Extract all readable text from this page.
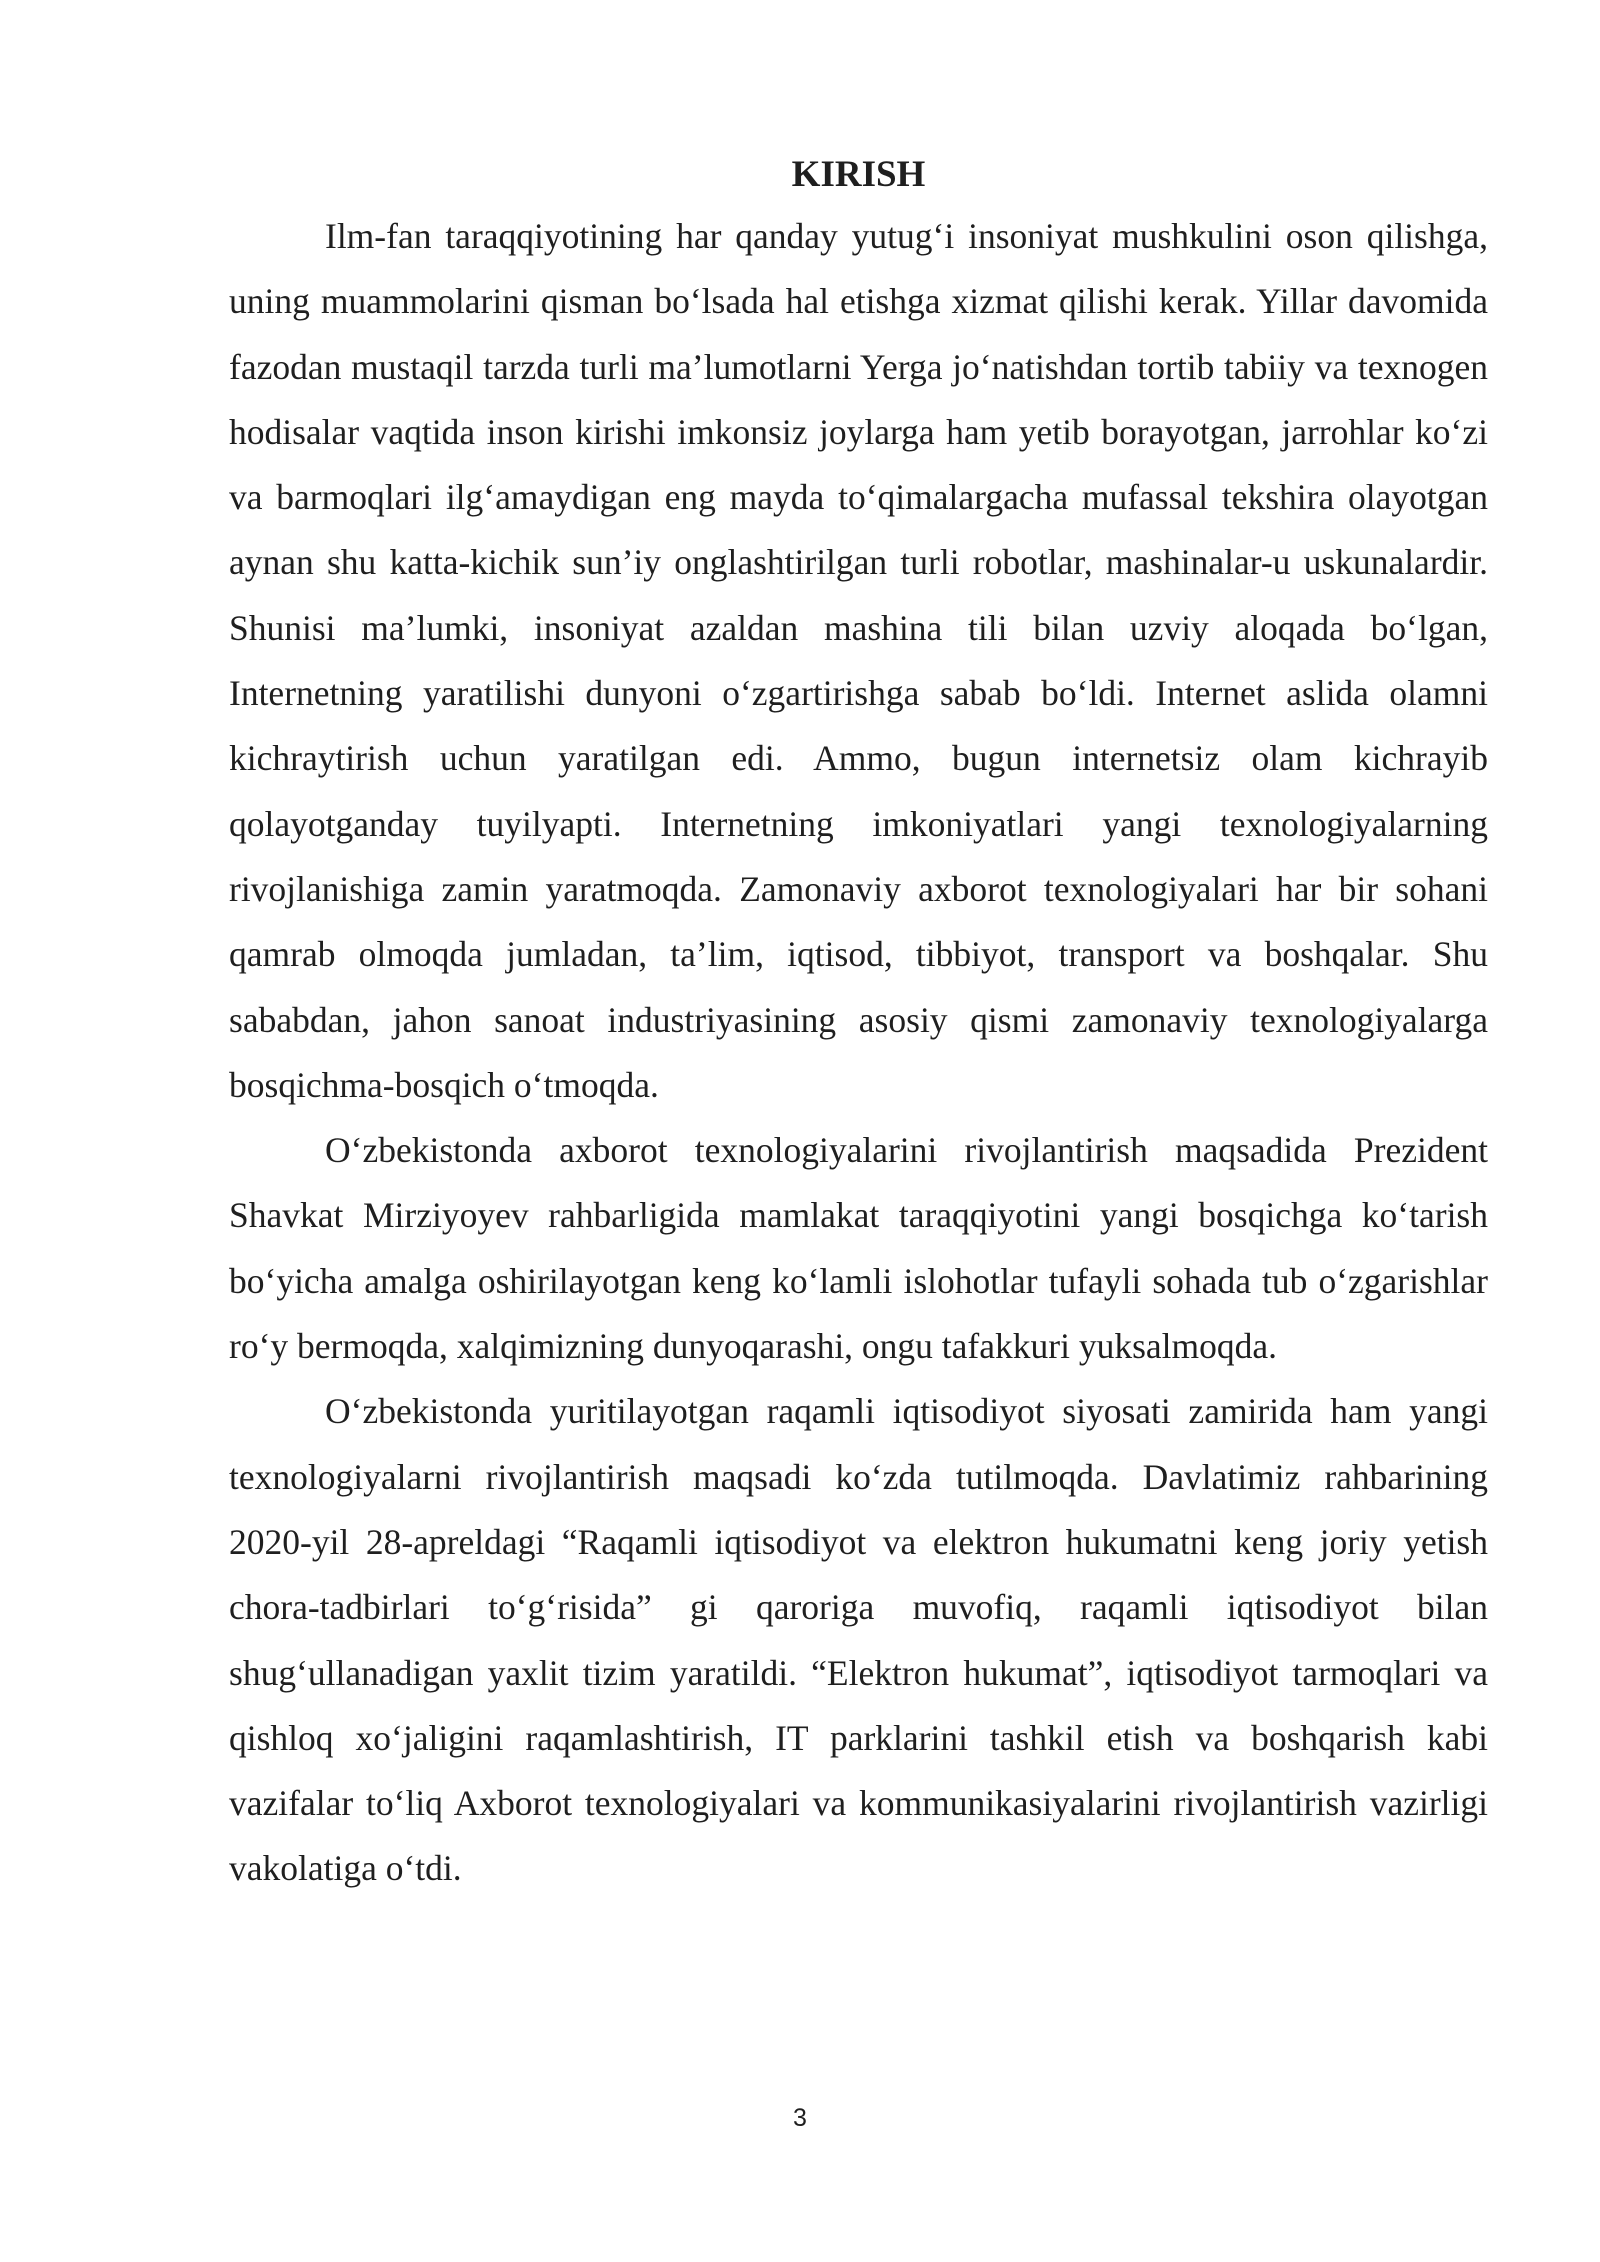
KIRISH

Ilm-fan taraqqiyotining har qanday yutug‘i insoniyat mushkulini oson qilishga, uning muammolarini qisman bo‘lsada hal etishga xizmat qilishi kerak. Yillar davomida fazodan mustaqil tarzda turli ma’lumotlarni Yerga jo‘natishdan tortib tabiiy va texnogen hodisalar vaqtida inson kirishi imkonsiz joylarga ham yetib borayotgan, jarrohlar ko‘zi va barmoqlari ilg‘amaydigan eng mayda to‘qimalargacha mufassal tekshira olayotgan aynan shu katta-kichik sun’iy onglashtirilgan turli robotlar, mashinalar-u uskunalardir. Shunisi ma’lumki, insoniyat azaldan mashina tili bilan uzviy aloqada bo‘lgan, Internetning yaratilishi dunyoni o‘zgartirishga sabab bo‘ldi. Internet aslida olamni kichraytirish uchun yaratilgan edi. Ammo, bugun internetsiz olam kichrayib qolayotganday tuyilyapti. Internetning imkoniyatlari yangi texnologiyalarning rivojlanishiga zamin yaratmoqda. Zamonaviy axborot texnologiyalari har bir sohani qamrab olmoqda jumladan, ta’lim, iqtisod, tibbiyot, transport va boshqalar. Shu sababdan, jahon sanoat industriyasining asosiy qismi zamonaviy texnologiyalarga bosqichma-bosqich o‘tmoqda.

O‘zbekistonda axborot texnologiyalarini rivojlantirish maqsadida Prezident Shavkat Mirziyoyev rahbarligida mamlakat taraqqiyotini yangi bosqichga ko‘tarish bo‘yicha amalga oshirilayotgan keng ko‘lamli islohotlar tufayli sohada tub o‘zgarishlar ro‘y bermoqda, xalqimizning dunyoqarashi, ongu tafakkuri yuksalmoqda.

O‘zbekistonda yuritilayotgan raqamli iqtisodiyot siyosati zamirida ham yangi texnologiyalarni rivojlantirish maqsadi ko‘zda tutilmoqda. Davlatimiz rahbarining 2020-yil 28-apreldagi “Raqamli iqtisodiyot va elektron hukumatni keng joriy yetish chora-tadbirlari to‘g‘risida” gi qaroriga muvofiq, raqamli iqtisodiyot bilan shug‘ullanadigan yaxlit tizim yaratildi. “Elektron hukumat”, iqtisodiyot tarmoqlari va qishloq xo‘jaligini raqamlashtirish, IT parklarini tashkil etish va boshqarish kabi vazifalar to‘liq Axborot texnologiyalari va kommunikasiyalarini rivojlantirish vazirligi vakolatiga o‘tdi.

3
